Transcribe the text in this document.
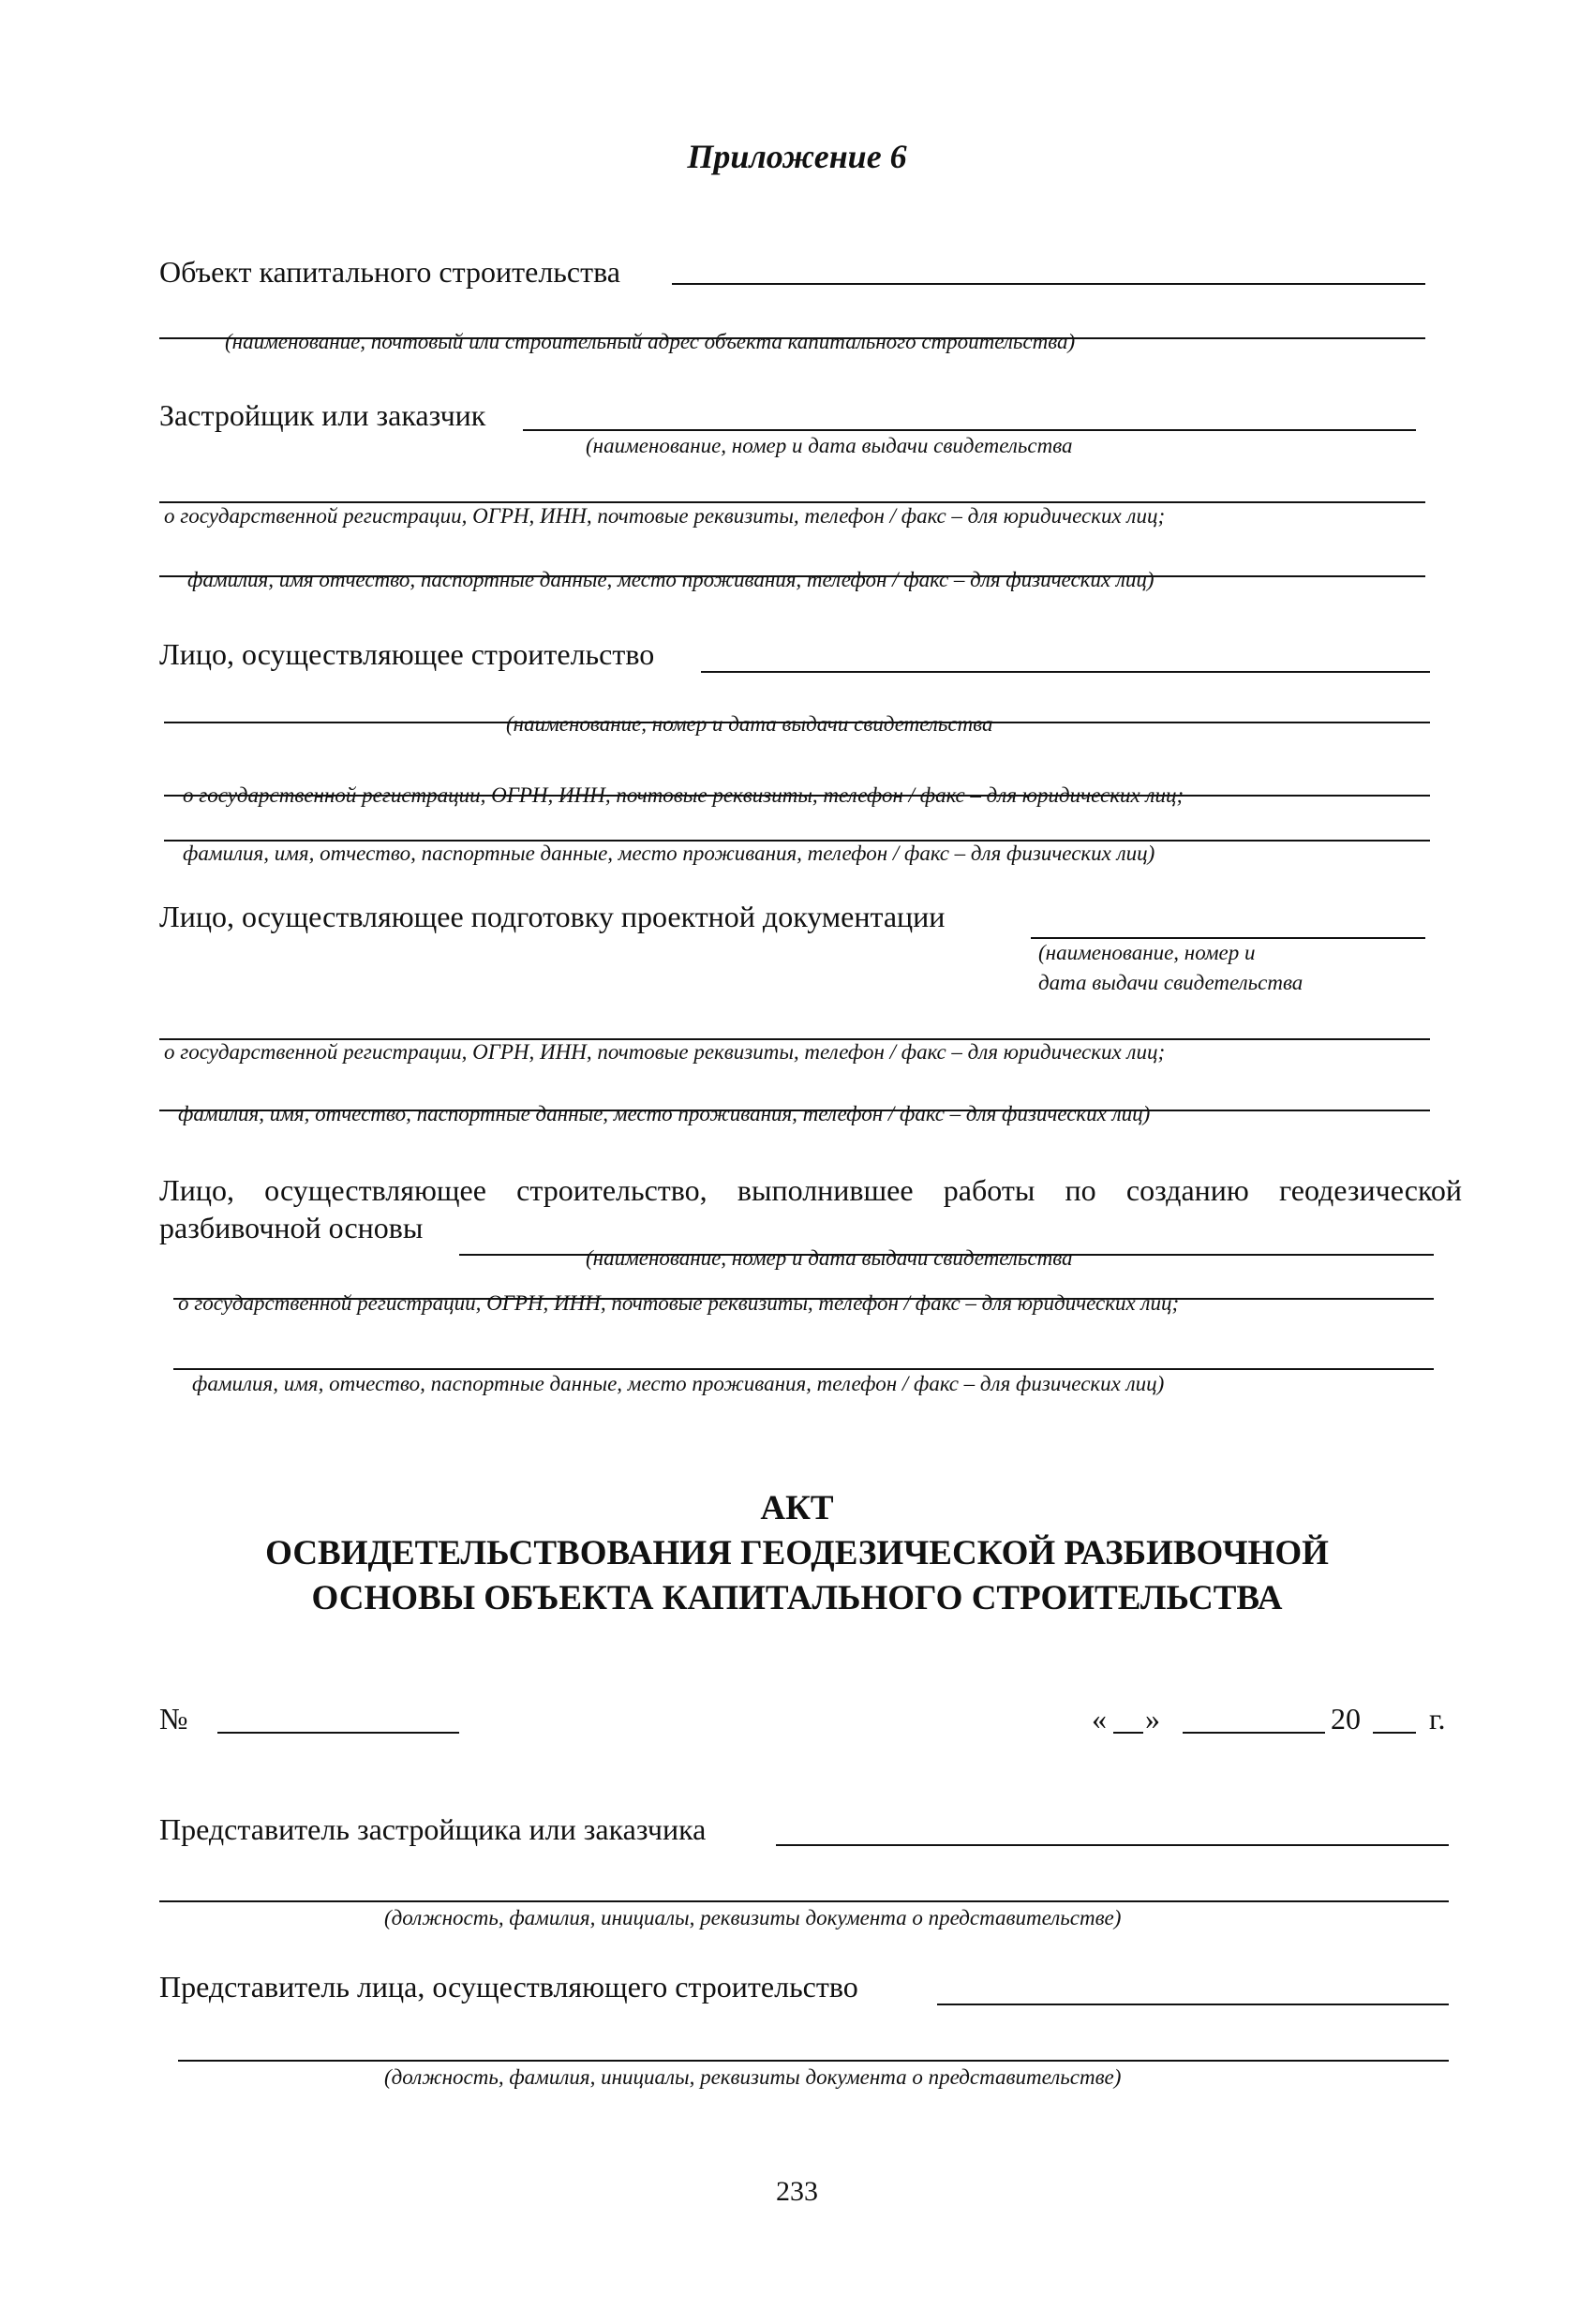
Приложение 6
Объект капитального строительства
(наименование, почтовый или строительный адрес объекта капитального строительства)
Застройщик или заказчик
(наименование, номер и дата выдачи свидетельства
о государственной регистрации, ОГРН, ИНН, почтовые реквизиты, телефон / факс – для юридических лиц;
фамилия, имя отчество, паспортные данные, место проживания, телефон / факс – для физических лиц)
Лицо, осуществляющее строительство
(наименование, номер и дата выдачи свидетельства
о государственной регистрации, ОГРН, ИНН, почтовые реквизиты, телефон / факс – для юридических лиц;
фамилия, имя, отчество, паспортные данные, место проживания, телефон / факс – для физических лиц)
Лицо, осуществляющее подготовку проектной документации
(наименование, номер и
дата выдачи свидетельства
о государственной регистрации, ОГРН, ИНН, почтовые реквизиты, телефон / факс – для юридических лиц;
фамилия, имя, отчество, паспортные данные, место проживания, телефон / факс – для физических лиц)
Лицо, осуществляющее строительство, выполнившее работы по созданию геодезической
разбивочной основы
(наименование, номер и дата выдачи свидетельства
о государственной регистрации, ОГРН, ИНН, почтовые реквизиты, телефон / факс – для юридических лиц;
фамилия, имя, отчество, паспортные данные, место проживания, телефон / факс – для физических лиц)
АКТ
ОСВИДЕТЕЛЬСТВОВАНИЯ ГЕОДЕЗИЧЕСКОЙ РАЗБИВОЧНОЙ
ОСНОВЫ ОБЪЕКТА КАПИТАЛЬНОГО СТРОИТЕЛЬСТВА
№	« »	20 г.
Представитель застройщика или заказчика
(должность, фамилия, инициалы, реквизиты документа о представительстве)
Представитель лица, осуществляющего строительство
(должность, фамилия, инициалы, реквизиты документа о представительстве)
233
